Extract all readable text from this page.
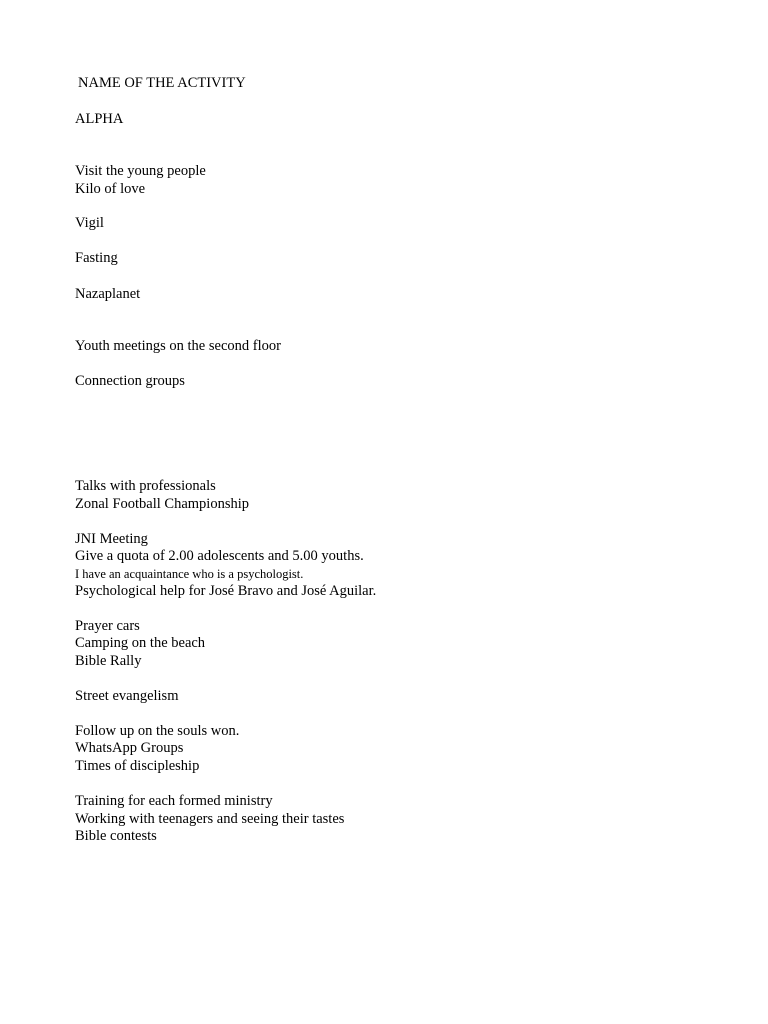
NAME OF THE ACTIVITY
ALPHA
Visit the young people
Kilo of love
Vigil
Fasting
Nazaplanet
Youth meetings on the second floor
Connection groups
Talks with professionals
Zonal Football Championship
JNI Meeting
Give a quota of 2.00 adolescents and 5.00 youths.
I have an acquaintance who is a psychologist.
Psychological help for José Bravo and José Aguilar.
Prayer cars
Camping on the beach
Bible Rally
Street evangelism
Follow up on the souls won.
WhatsApp Groups
Times of discipleship
Training for each formed ministry
Working with teenagers and seeing their tastes
Bible contests
